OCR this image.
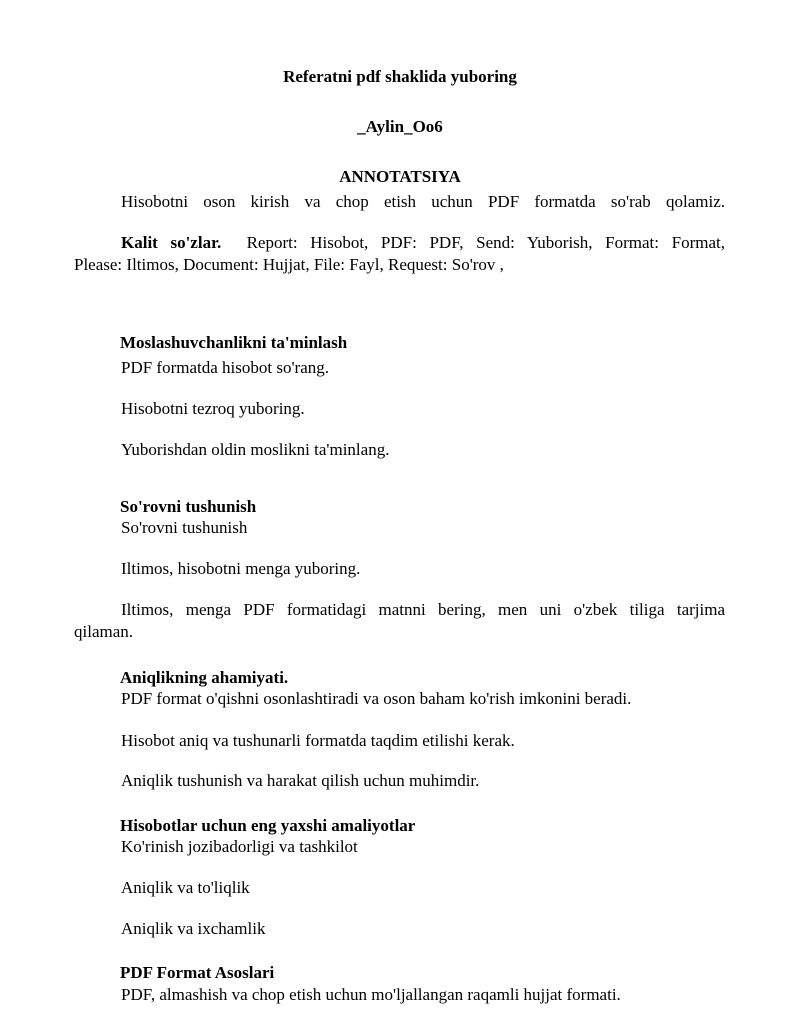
Referatni pdf shaklida yuboring
_Aylin_Oo6
ANNOTATSIYA
Hisobotni oson kirish va chop etish uchun PDF formatda so'rab qolamiz.
Kalit so'zlar. Report: Hisobot, PDF: PDF, Send: Yuborish, Format: Format,
Please: Iltimos, Document: Hujjat, File: Fayl, Request: So'rov ,
Moslashuvchanlikni ta'minlash
PDF formatda hisobot so'rang.
Hisobotni tezroq yuboring.
Yuborishdan oldin moslikni ta'minlang.
So'rovni tushunish
So'rovni tushunish
Iltimos, hisobotni menga yuboring.
Iltimos, menga PDF formatidagi matnni bering, men uni o'zbek tiligа tarjima
qilaman.
Aniqlikning ahamiyati.
PDF format o'qishni osonlashtiradi va oson baham ko'rish imkonini beradi.
Hisobot aniq va tushunarli formatda taqdim etilishi kerak.
Aniqlik tushunish va harakat qilish uchun muhimdir.
Hisobotlar uchun eng yaxshi amaliyotlar
Ko'rinish jozibadorligi va tashkilot
Aniqlik va to'liqlik
Aniqlik va ixchamlik
PDF Format Asoslari
PDF, almashish va chop etish uchun mo'ljallangan raqamli hujjat formati.
